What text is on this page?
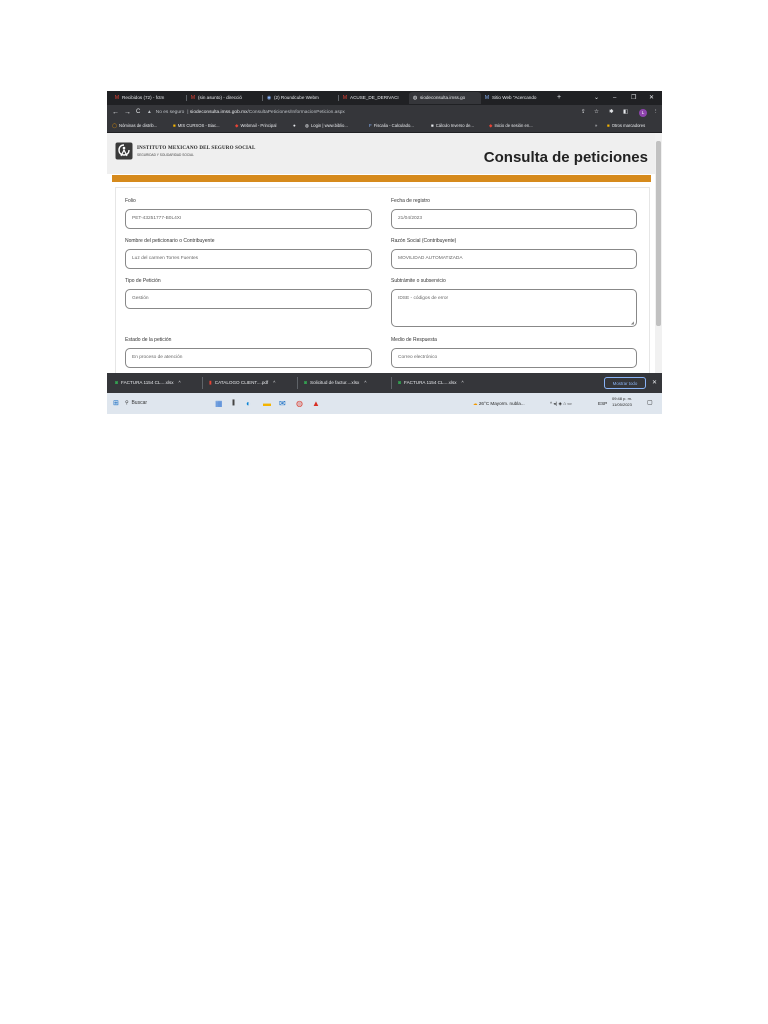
M Recibidos (72) - fctm	M (sin asunto) - direcció	◉ (2) Roundcube Webm	M ACUSE_DE_DERIVACI	◍ siodeconsulta.imss.go	M Sitio Web "Acercando	+	⌄ – ❐ ✕
← → C ▲ No es seguro | siodeconsulta.imss.gob.mx/ConsultaPeticiones/InformacionPeticion.aspx	⇪ ☆ ✱ ◧	L	⋮
◯ Nóminas de distrib...	■ MIS CURSOS - Biac...	◆ Webmail - Principal	●	◍ Login | www.biblio...	F Fiscalia - Calculado...	■ Cálculo Inverso de...	◆ Inicio de sesión en...	» ■ Otros marcadores
INSTITUTO MEXICANO DEL SEGURO SOCIAL
SEGURIDAD Y SOLIDARIDAD SOCIAL	Consulta de peticiones
Folio
PET-43251777-B0L4XI
Fecha de registro
21/04/2023
Nombre del peticionario o Contribuyente
Luz del carmen Torres Fuentes
Razón Social (Contribuyente)
MOVILIDAD AUTOMATIZADA
Tipo de Petición
Gestión
Subtrámite o subservicio
IDSE - códigos de error
◢
Estado de la petición
En proceso de atención
Medio de Respuesta
Correo electrónico
◙ FACTURA 1154 CL....xlsx ^	▮ CATALOGO CLIENT....pdf ^	◙ Solicitud de factur....xlsx ^	◙ FACTURA 1154 CL....xlsx ^	Mostrar todo	✕
⊞ ⚲ Buscar	▦ ❚ ◐ ▬ ✉ ◍ ▲	☁ 26°C Mayorm. nubla...	^ ◂) ◈ ⌂ ▭	ESP
09:48 p. m.
11/05/2023	▢
